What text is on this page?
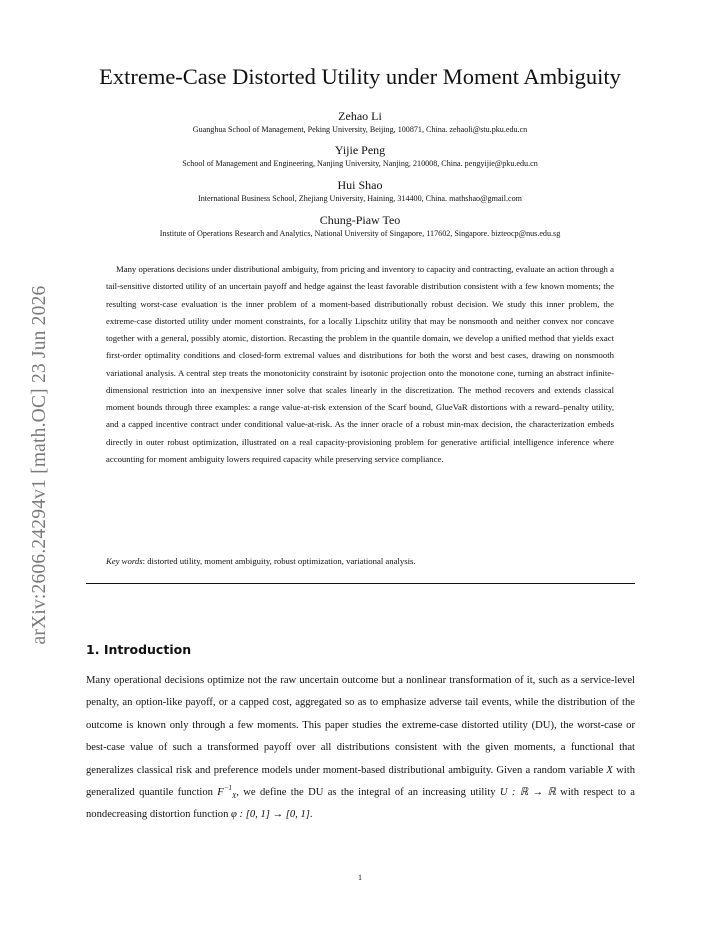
arXiv:2606.24294v1 [math.OC] 23 Jun 2026
Extreme-Case Distorted Utility under Moment Ambiguity
Zehao Li
Guanghua School of Management, Peking University, Beijing, 100871, China. zehaoli@stu.pku.edu.cn
Yijie Peng
School of Management and Engineering, Nanjing University, Nanjing, 210008, China. pengyijie@pku.edu.cn
Hui Shao
International Business School, Zhejiang University, Haining, 314400, China. mathshao@gmail.com
Chung-Piaw Teo
Institute of Operations Research and Analytics, National University of Singapore, 117602, Singapore. bizteocp@nus.edu.sg

Many operations decisions under distributional ambiguity, from pricing and inventory to capacity and contracting, evaluate an action through a tail-sensitive distorted utility of an uncertain payoff and hedge against the least favorable distribution consistent with a few known moments; the resulting worst-case evaluation is the inner problem of a moment-based distributionally robust decision. We study this inner problem, the extreme-case distorted utility under moment constraints, for a locally Lipschitz utility that may be nonsmooth and neither convex nor concave together with a general, possibly atomic, distortion. Recasting the problem in the quantile domain, we develop a unified method that yields exact first-order optimality conditions and closed-form extremal values and distributions for both the worst and best cases, drawing on nonsmooth variational analysis. A central step treats the monotonicity constraint by isotonic projection onto the monotone cone, turning an abstract infinite-dimensional restriction into an inexpensive inner solve that scales linearly in the discretization. The method recovers and extends classical moment bounds through three examples: a range value-at-risk extension of the Scarf bound, GlueVaR distortions with a reward–penalty utility, and a capped incentive contract under conditional value-at-risk. As the inner oracle of a robust min-max decision, the characterization embeds directly in outer robust optimization, illustrated on a real capacity-provisioning problem for generative artificial intelligence inference where accounting for moment ambiguity lowers required capacity while preserving service compliance.

Key words: distorted utility, moment ambiguity, robust optimization, variational analysis.

1. Introduction

Many operational decisions optimize not the raw uncertain outcome but a nonlinear transformation of it, such as a service-level penalty, an option-like payoff, or a capped cost, aggregated so as to emphasize adverse tail events, while the distribution of the outcome is known only through a few moments. This paper studies the extreme-case distorted utility (DU), the worst-case or best-case value of such a transformed payoff over all distributions consistent with the given moments, a functional that generalizes classical risk and preference models under moment-based distributional ambiguity. Given a random variable X with generalized quantile function $F^{-1}_X$, we define the DU as the integral of an increasing utility U : ℝ → ℝ with respect to a nondecreasing distortion function φ : [0, 1] → [0, 1].

1
